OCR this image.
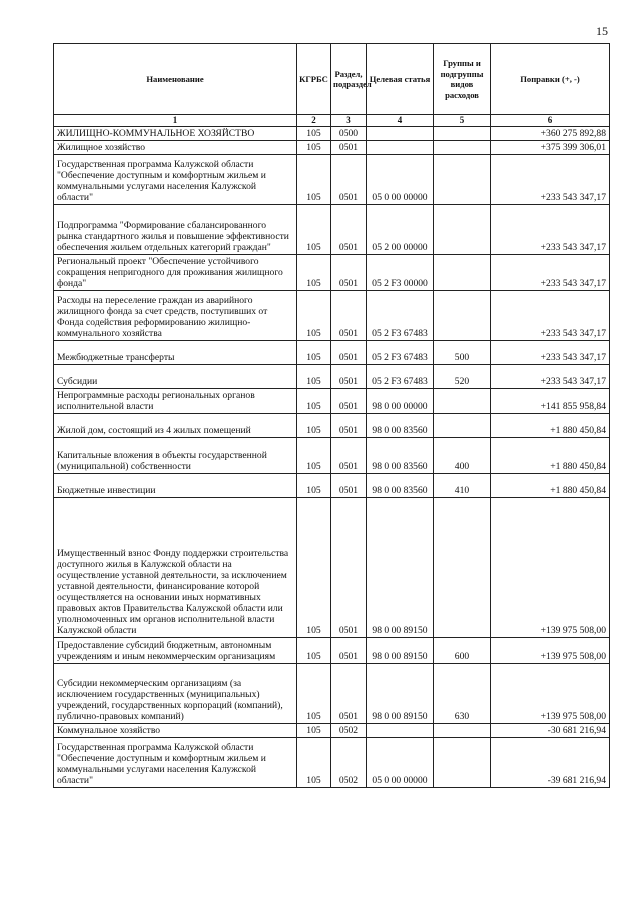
15
Наименование	КГРБС	Раздел, подраздел	Целевая статья	Группы и подгруппы видов расходов	Поправки (+, -)
1	2	3	4	5	6
ЖИЛИЩНО-КОММУНАЛЬНОЕ ХОЗЯЙСТВО	105	0500			+360 275 892,88
Жилищное хозяйство	105	0501			+375 399 306,01
Государственная программа Калужской области "Обеспечение доступным и комфортным жильем и коммунальными услугами населения Калужской области"	105	0501	05 0 00 00000		+233 543 347,17
Подпрограмма "Формирование сбалансированного рынка стандартного жилья и повышение эффективности обеспечения жильем отдельных категорий граждан"	105	0501	05 2 00 00000		+233 543 347,17
Региональный проект "Обеспечение устойчивого сокращения непригодного для проживания жилищного фонда"	105	0501	05 2 F3 00000		+233 543 347,17
Расходы на переселение граждан из аварийного жилищного фонда за счет средств, поступивших от Фонда содействия реформированию жилищно-коммунального хозяйства	105	0501	05 2 F3 67483		+233 543 347,17
Межбюджетные трансферты	105	0501	05 2 F3 67483	500	+233 543 347,17
Субсидии	105	0501	05 2 F3 67483	520	+233 543 347,17
Непрограммные расходы региональных органов исполнительной власти	105	0501	98 0 00 00000		+141 855 958,84
Жилой дом, состоящий из 4 жилых помещений	105	0501	98 0 00 83560		+1 880 450,84
Капитальные вложения в объекты государственной (муниципальной) собственности	105	0501	98 0 00 83560	400	+1 880 450,84
Бюджетные инвестиции	105	0501	98 0 00 83560	410	+1 880 450,84
Имущественный взнос Фонду поддержки строительства доступного жилья в Калужской области на осуществление уставной деятельности, за исключением уставной деятельности, финансирование которой осуществляется на основании иных нормативных правовых актов Правительства Калужской области или уполномоченных им органов исполнительной власти Калужской области	105	0501	98 0 00 89150		+139 975 508,00
Предоставление субсидий бюджетным, автономным учреждениям и иным некоммерческим организациям	105	0501	98 0 00 89150	600	+139 975 508,00
Субсидии некоммерческим организациям (за исключением государственных (муниципальных) учреждений, государственных корпораций (компаний), публично-правовых компаний)	105	0501	98 0 00 89150	630	+139 975 508,00
Коммунальное хозяйство	105	0502			-30 681 216,94
Государственная программа Калужской области "Обеспечение доступным и комфортным жильем и коммунальными услугами населения Калужской области"	105	0502	05 0 00 00000		-39 681 216,94
